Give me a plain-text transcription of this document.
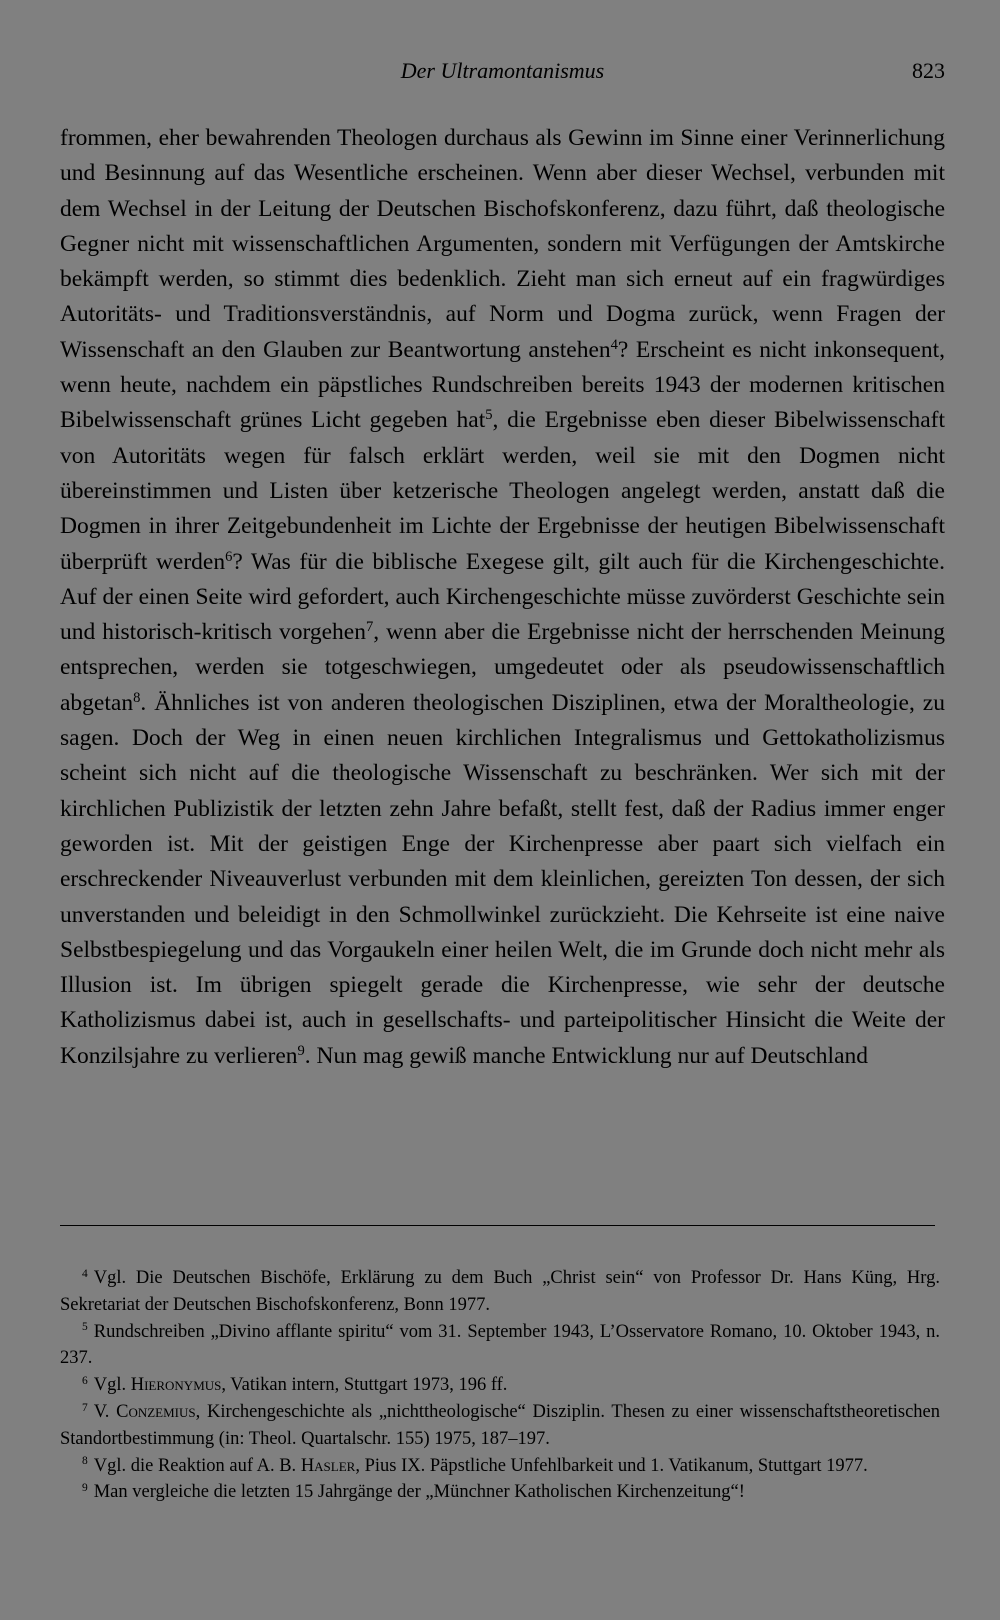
Der Ultramontanismus	823
frommen, eher bewahrenden Theologen durchaus als Gewinn im Sinne einer Verinnerlichung und Besinnung auf das Wesentliche erscheinen. Wenn aber dieser Wechsel, verbunden mit dem Wechsel in der Leitung der Deutschen Bischofskonferenz, dazu führt, daß theologische Gegner nicht mit wissenschaftlichen Argumenten, sondern mit Verfügungen der Amtskirche bekämpft werden, so stimmt dies bedenklich. Zieht man sich erneut auf ein fragwürdiges Autoritäts- und Traditionsverständnis, auf Norm und Dogma zurück, wenn Fragen der Wissenschaft an den Glauben zur Beantwortung anstehen$^4$? Erscheint es nicht inkonsequent, wenn heute, nachdem ein päpstliches Rundschreiben bereits 1943 der modernen kritischen Bibelwissenschaft grünes Licht gegeben hat$^5$, die Ergebnisse eben dieser Bibelwissenschaft von Autoritäts wegen für falsch erklärt werden, weil sie mit den Dogmen nicht übereinstimmen und Listen über ketzerische Theologen angelegt werden, anstatt daß die Dogmen in ihrer Zeitgebundenheit im Lichte der Ergebnisse der heutigen Bibelwissenschaft überprüft werden$^6$? Was für die biblische Exegese gilt, gilt auch für die Kirchengeschichte. Auf der einen Seite wird gefordert, auch Kirchengeschichte müsse zuvörderst Geschichte sein und historisch-kritisch vorgehen$^7$, wenn aber die Ergebnisse nicht der herrschenden Meinung entsprechen, werden sie totgeschwiegen, umgedeutet oder als pseudowissenschaftlich abgetan$^8$. Ähnliches ist von anderen theologischen Disziplinen, etwa der Moraltheologie, zu sagen. Doch der Weg in einen neuen kirchlichen Integralismus und Gettokatholizismus scheint sich nicht auf die theologische Wissenschaft zu beschränken. Wer sich mit der kirchlichen Publizistik der letzten zehn Jahre befaßt, stellt fest, daß der Radius immer enger geworden ist. Mit der geistigen Enge der Kirchenpresse aber paart sich vielfach ein erschreckender Niveauverlust verbunden mit dem kleinlichen, gereizten Ton dessen, der sich unverstanden und beleidigt in den Schmollwinkel zurückzieht. Die Kehrseite ist eine naive Selbstbespiegelung und das Vorgaukeln einer heilen Welt, die im Grunde doch nicht mehr als Illusion ist. Im übrigen spiegelt gerade die Kirchenpresse, wie sehr der deutsche Katholizismus dabei ist, auch in gesellschafts- und parteipolitischer Hinsicht die Weite der Konzilsjahre zu verlieren$^9$. Nun mag gewiß manche Entwicklung nur auf Deutschland

$^4$ Vgl. Die Deutschen Bischöfe, Erklärung zu dem Buch „Christ sein“ von Professor Dr. Hans Küng, Hrg. Sekretariat der Deutschen Bischofskonferenz, Bonn 1977.

$^5$ Rundschreiben „Divino afflante spiritu“ vom 31. September 1943, L’Osservatore Romano, 10. Oktober 1943, n. 237.

$^6$ Vgl. Hieronymus, Vatikan intern, Stuttgart 1973, 196 ff.

$^7$ V. Conzemius, Kirchengeschichte als „nichttheologische“ Disziplin. Thesen zu einer wissenschaftstheoretischen Standortbestimmung (in: Theol. Quartalschr. 155) 1975, 187–197.

$^8$ Vgl. die Reaktion auf A. B. Hasler, Pius IX. Päpstliche Unfehlbarkeit und 1. Vatikanum, Stuttgart 1977.

$^9$ Man vergleiche die letzten 15 Jahrgänge der „Münchner Katholischen Kirchenzeitung“!
